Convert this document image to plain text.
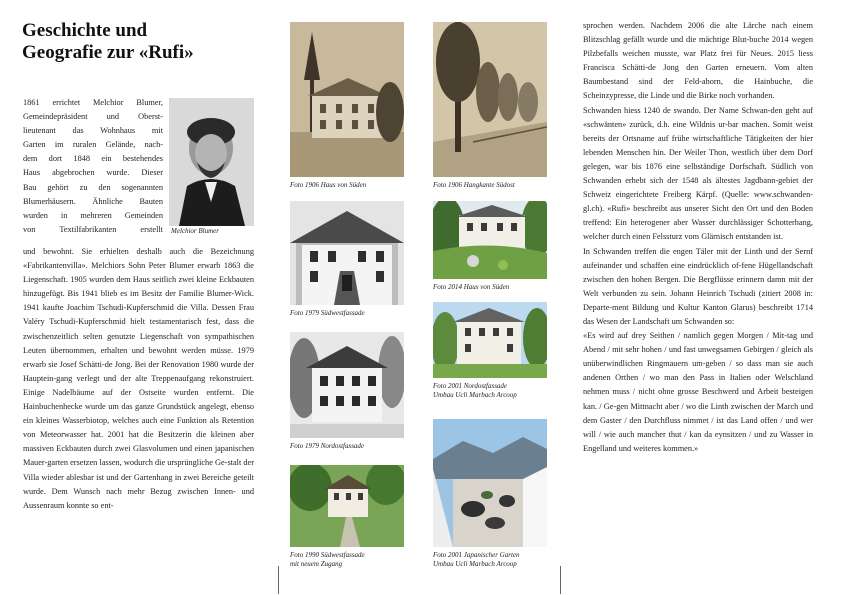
Geschichte und
Geografie zur «Rufi»
1861 errichtet Melchior Blumer,
Gemeindepräsident und Oberst-
lieutenant das Wohnhaus mit
Garten im ruralen Gelände, nach-
dem dort 1848 ein bestehendes
Haus abgebrochen wurde. Dieser
Bau gehört zu den sogenannten
Blumerhäusern. Ähnliche Bauten
wurden in mehreren Gemeinden
von Textilfabrikanten erstellt Melchior Blumer

und bewohnt. Sie erhielten deshalb auch die Bezeichnung «Fabrikantenvilla». Melchiors Sohn Peter Blumer erwarb 1863 die Liegenschaft. 1905 wurden dem Haus seitlich zwei kleine Eckbauten hinzugefügt. Bis 1941 blieb es im Besitz der Familie Blumer-Wick. 1941 kaufte Joachim Tschudi-Kupferschmid die Villa. Dessen Frau Valéry Tschudi-Kupferschmid hielt testamentarisch fest, dass die zwischenzeitlich selten genutzte Liegenschaft von sympathischen Leuten übernommen, erhalten und bewohnt werden müsse. 1979 erwarb sie Josef Schätti-de Jong. Bei der Renovation 1980 wurde der Hauptein-gang verlegt und der alte Treppenaufgang rekonstruiert. Einige Nadelbäume auf der Ostseite wurden entfernt. Die Hainbuchenhecke wurde um das ganze Grundstück angelegt, ebenso ein kleines Wasserbiotop, welches auch eine Funktion als Retention von Meteorwasser hat. 2001 hat die Besitzerin die kleinen aber massiven Eckbauten durch zwei Glasvolumen und einen japanischen Mauer-garten ersetzen lassen, wodurch die ursprüngliche Ge-stalt der Villa wieder ablesbar ist und der Gartenhang in zwei Bereiche geteilt wurde. Dem Wunsch nach mehr Bezug zwischen Innen- und Aussenraum konnte so ent-

Foto 1906 Haus von Süden	Foto 1906 Hangkante Südost
Foto 1979 Südwestfassade
Foto 2014 Haus von Süden
Foto 1979 Nordostfassade
Foto 2001 Nordostfassade
Umbau Ucli Marbach Arcoop
Foto 1990 Südwestfassade
mit neuem Zugang
Foto 2001 Japanischer Garten
Umbau Ucli Marbach Arcoop

sprochen werden. Nachdem 2006 die alte Lärche nach einem Blitzschlag gefällt wurde und die mächtige Blut-buche 2014 wegen Pilzbefalls weichen musste, war Platz frei für Neues. 2015 liess Francisca Schätti-de Jong den Garten erneuern. Vom alten Baumbestand sind der Feld-ahorn, die Hainbuche, die Scheinzypresse, die Linde und die Birke noch vorhanden.

Schwanden hiess 1240 de swando. Der Name Schwan-den geht auf «schwänten» zurück, d.h. eine Wildnis ur-bar machen. Somit weist bereits der Ortsname auf frühe wirtschaftliche Tätigkeiten der hier lebenden Menschen hin. Der Weiler Thon, westlich über dem Dorf gelegen, war bis 1876 eine selbständige Dorfschaft. Südlich von Schwanden erhebt sich der 1548 als ältestes Jagdbann-gebiet der Schweiz eingerichtete Freiberg Kärpf. (Quelle: www.schwanden-gl.ch). «Rufi» beschreibt aus unserer Sicht den Ort und den Boden treffend: Ein heterogener aber Wasser durchlässiger Schotterhang, welcher durch einen Felssturz vom Glärnisch entstanden ist.

In Schwanden treffen die engen Täler mit der Linth und der Sernf aufeinander und schaffen eine eindrücklich of-fene Hügellandschaft zwischen den hohen Bergen. Die Bergflüsse erinnern damn mit der Welt verbunden zu sein. Johann Heinrich Tschudi (zitiert 2008 in: Departe-ment Bildung und Kultur Kanton Glarus) beschreibt 1714 das Wesen der Landschaft um Schwanden so:

«Es wird auf drey Seithen / namlich gegen Morgen / Mit-tag und Abend / mit sehr hohen / und fast unwegsamen Gebirgen / gleich als unüberwindlichen Ringmauern um-geben / so dass man sie auch andenen Orthen / wo man den Pass in Italien oder Welschland nehmen muss / nicht ohne grosse Beschwerd und Arbeit besteigen kan. / Ge-gen Mittnacht aber / wo die Linth zwischen der March und dem Gaster / den Durchfluss nimmet / ist das Land offen / und wer will / wie auch mancher thut / kan da eynsitzen / und zu Wasser in Engelland und weiteres kommen.»
